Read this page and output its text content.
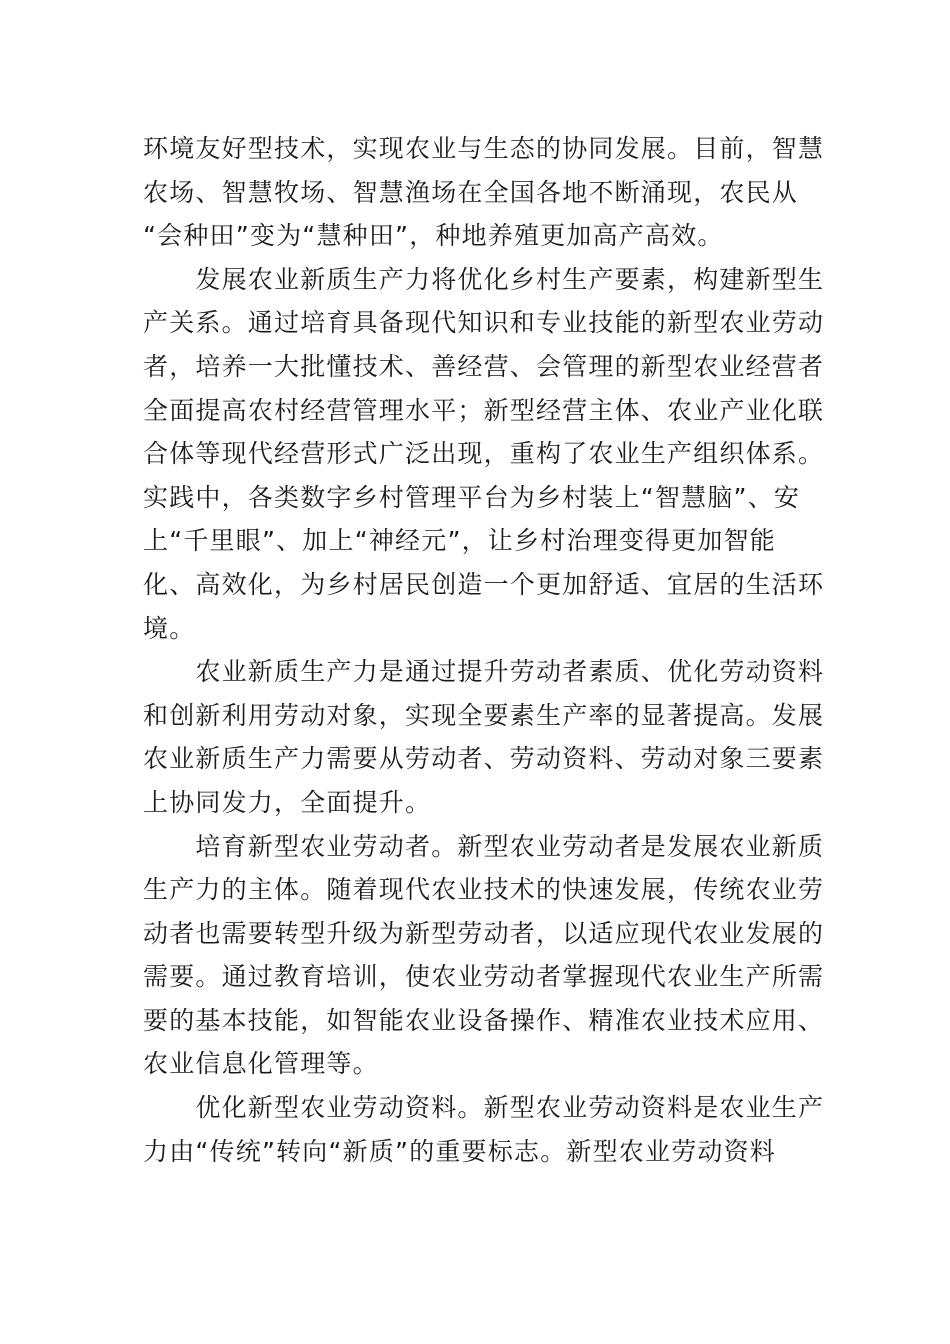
环境友好型技术，实现农业与生态的协同发展。目前，智慧
农场、智慧牧场、智慧渔场在全国各地不断涌现，农民从
“会种田”变为“慧种田”，种地养殖更加高产高效。
　　发展农业新质生产力将优化乡村生产要素，构建新型生
产关系。通过培育具备现代知识和专业技能的新型农业劳动
者，培养一大批懂技术、善经营、会管理的新型农业经营者
全面提高农村经营管理水平；新型经营主体、农业产业化联
合体等现代经营形式广泛出现，重构了农业生产组织体系。
实践中，各类数字乡村管理平台为乡村装上“智慧脑”、安
上“千里眼”、加上“神经元”，让乡村治理变得更加智能
化、高效化，为乡村居民创造一个更加舒适、宜居的生活环
境。
　　农业新质生产力是通过提升劳动者素质、优化劳动资料
和创新利用劳动对象，实现全要素生产率的显著提高。发展
农业新质生产力需要从劳动者、劳动资料、劳动对象三要素
上协同发力，全面提升。
　　培育新型农业劳动者。新型农业劳动者是发展农业新质
生产力的主体。随着现代农业技术的快速发展，传统农业劳
动者也需要转型升级为新型劳动者，以适应现代农业发展的
需要。通过教育培训，使农业劳动者掌握现代农业生产所需
要的基本技能，如智能农业设备操作、精准农业技术应用、
农业信息化管理等。
　　优化新型农业劳动资料。新型农业劳动资料是农业生产
力由“传统”转向“新质”的重要标志。新型农业劳动资料
